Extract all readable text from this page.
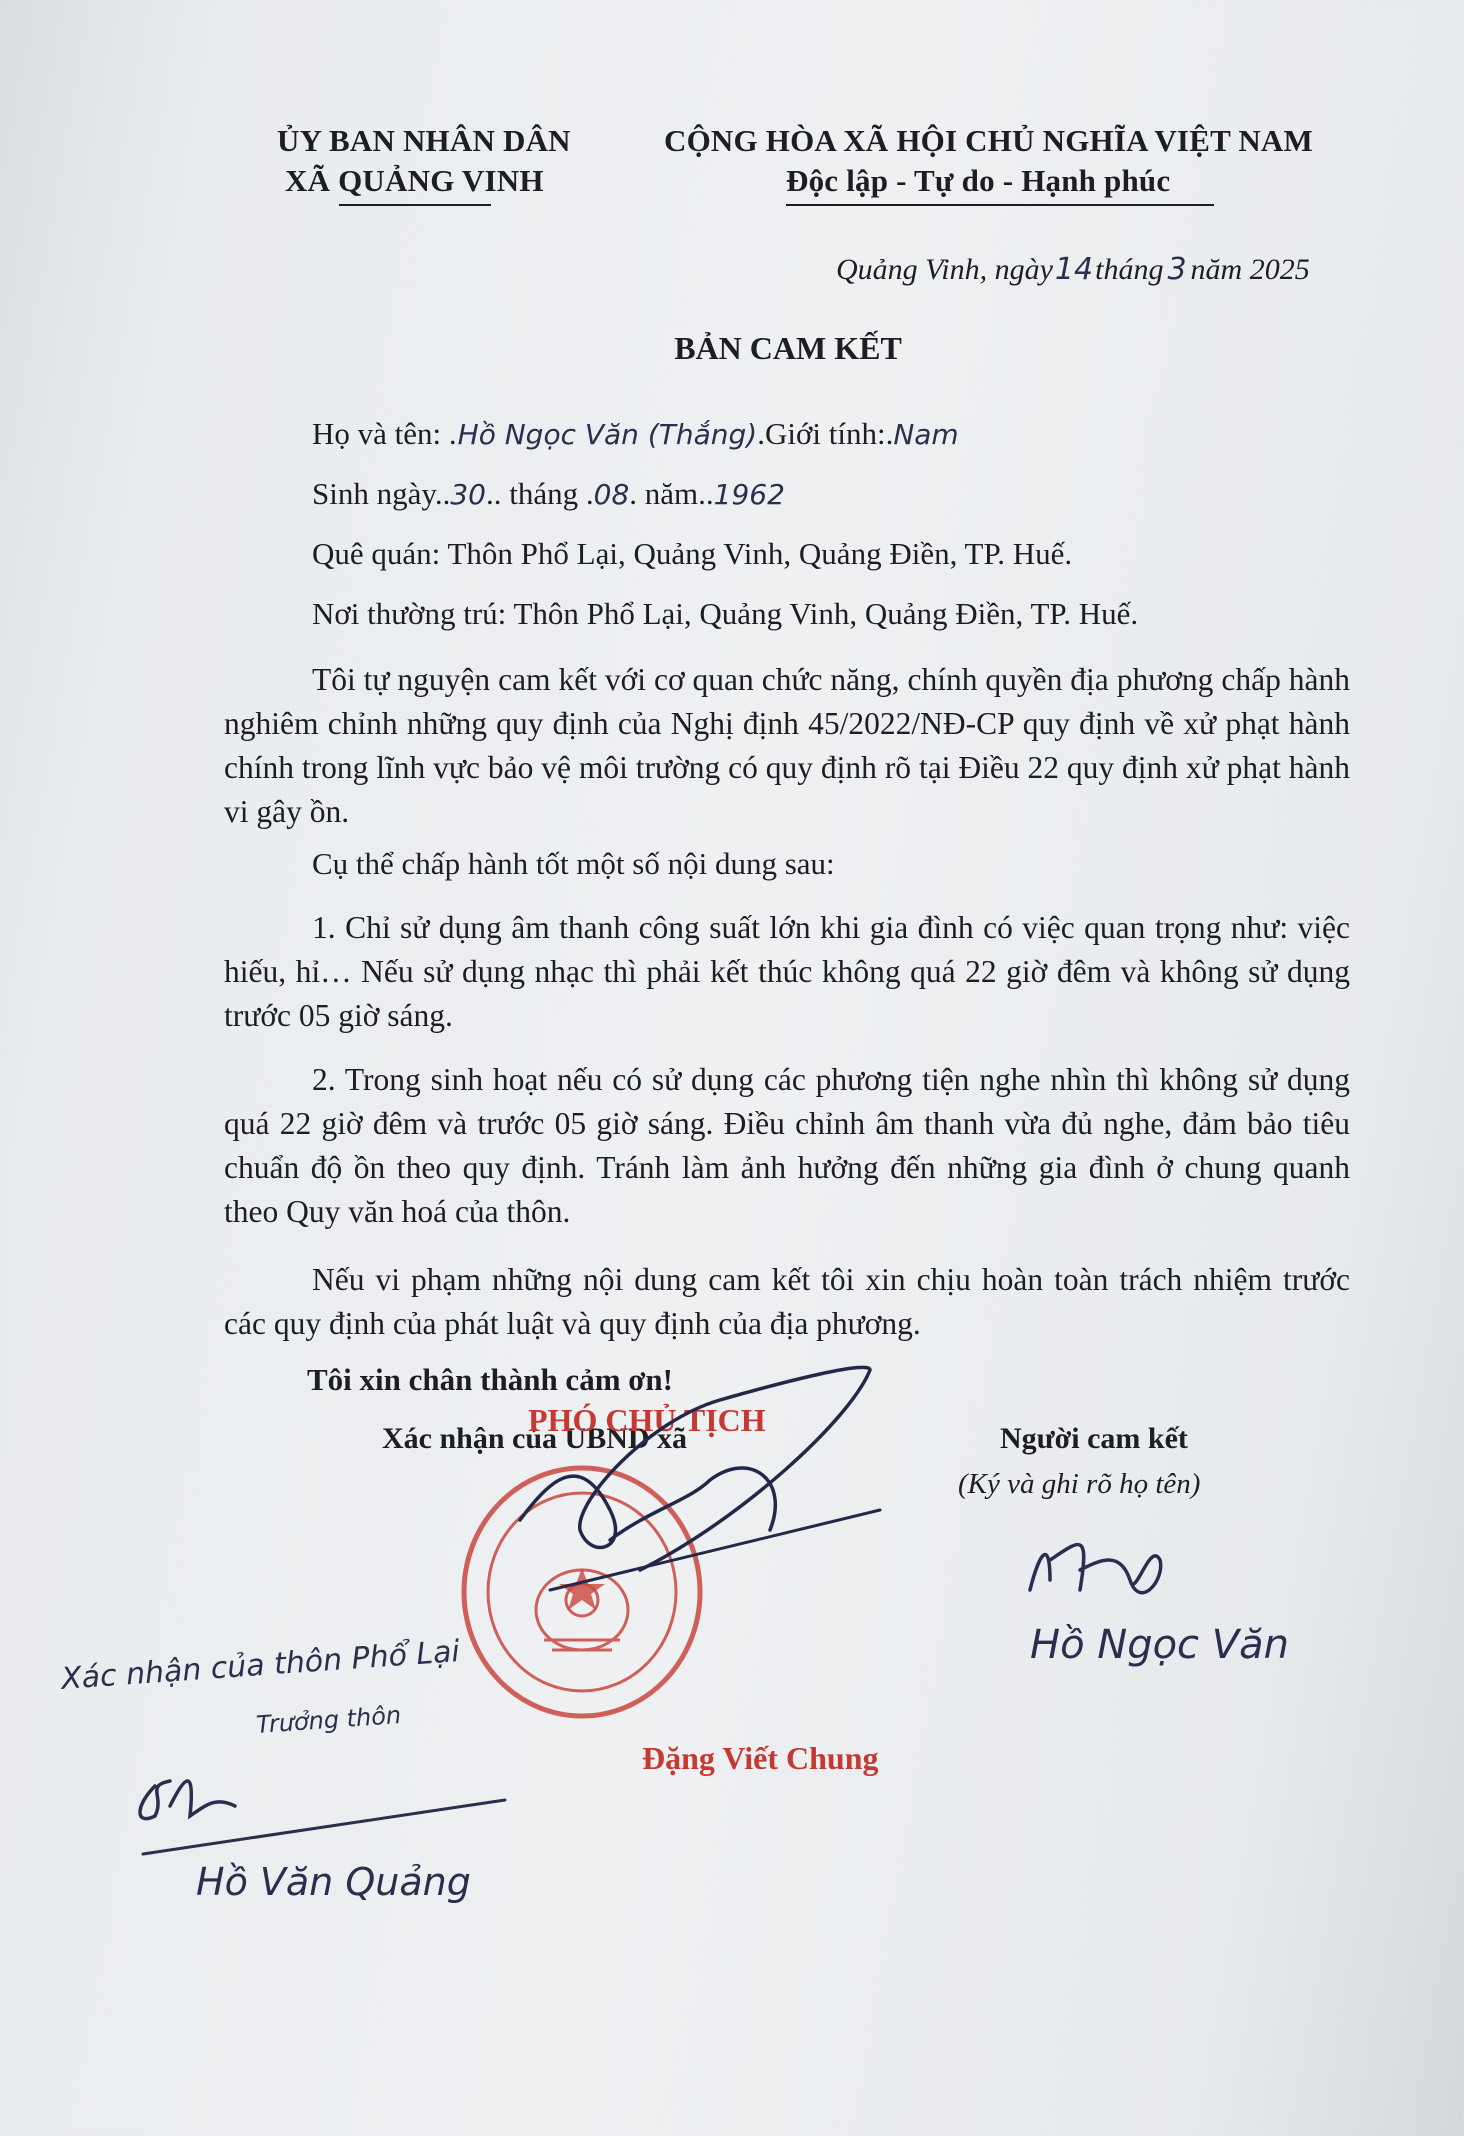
ỦY BAN NHÂN DÂN
XÃ QUẢNG VINH
CỘNG HÒA XÃ HỘI CHỦ NGHĨA VIỆT NAM
Độc lập - Tự do - Hạnh phúc
Quảng Vinh, ngày14tháng 3 năm 2025
BẢN CAM KẾT
Họ và tên: .Hồ Ngọc Văn (Thắng).Giới tính:.Nam
Sinh ngày..30.. tháng .08. năm..1962
Quê quán: Thôn Phổ Lại, Quảng Vinh, Quảng Điền, TP. Huế.
Nơi thường trú: Thôn Phổ Lại, Quảng Vinh, Quảng Điền, TP. Huế.
Tôi tự nguyện cam kết với cơ quan chức năng, chính quyền địa phương chấp hành nghiêm chỉnh những quy định của Nghị định 45/2022/NĐ-CP quy định về xử phạt hành chính trong lĩnh vực bảo vệ môi trường có quy định rõ tại Điều 22 quy định xử phạt hành vi gây ồn.
Cụ thể chấp hành tốt một số nội dung sau:
1. Chỉ sử dụng âm thanh công suất lớn khi gia đình có việc quan trọng như: việc hiếu, hỉ… Nếu sử dụng nhạc thì phải kết thúc không quá 22 giờ đêm và không sử dụng trước 05 giờ sáng.
2. Trong sinh hoạt nếu có sử dụng các phương tiện nghe nhìn thì không sử dụng quá 22 giờ đêm và trước 05 giờ sáng. Điều chỉnh âm thanh vừa đủ nghe, đảm bảo tiêu chuẩn độ ồn theo quy định. Tránh làm ảnh hưởng đến những gia đình ở chung quanh theo Quy văn hoá của thôn.
Nếu vi phạm những nội dung cam kết tôi xin chịu hoàn toàn trách nhiệm trước các quy định của phát luật và quy định của địa phương.
Tôi xin chân thành cảm ơn!
Xác nhận của UBND xã	Người cam kết
(Ký và ghi rõ họ tên)
PHÓ CHỦ TỊCH
Đặng Viết Chung
Hồ Ngọc Văn
Xác nhận của thôn Phổ Lại
Trưởng thôn
Hồ Văn Quảng
